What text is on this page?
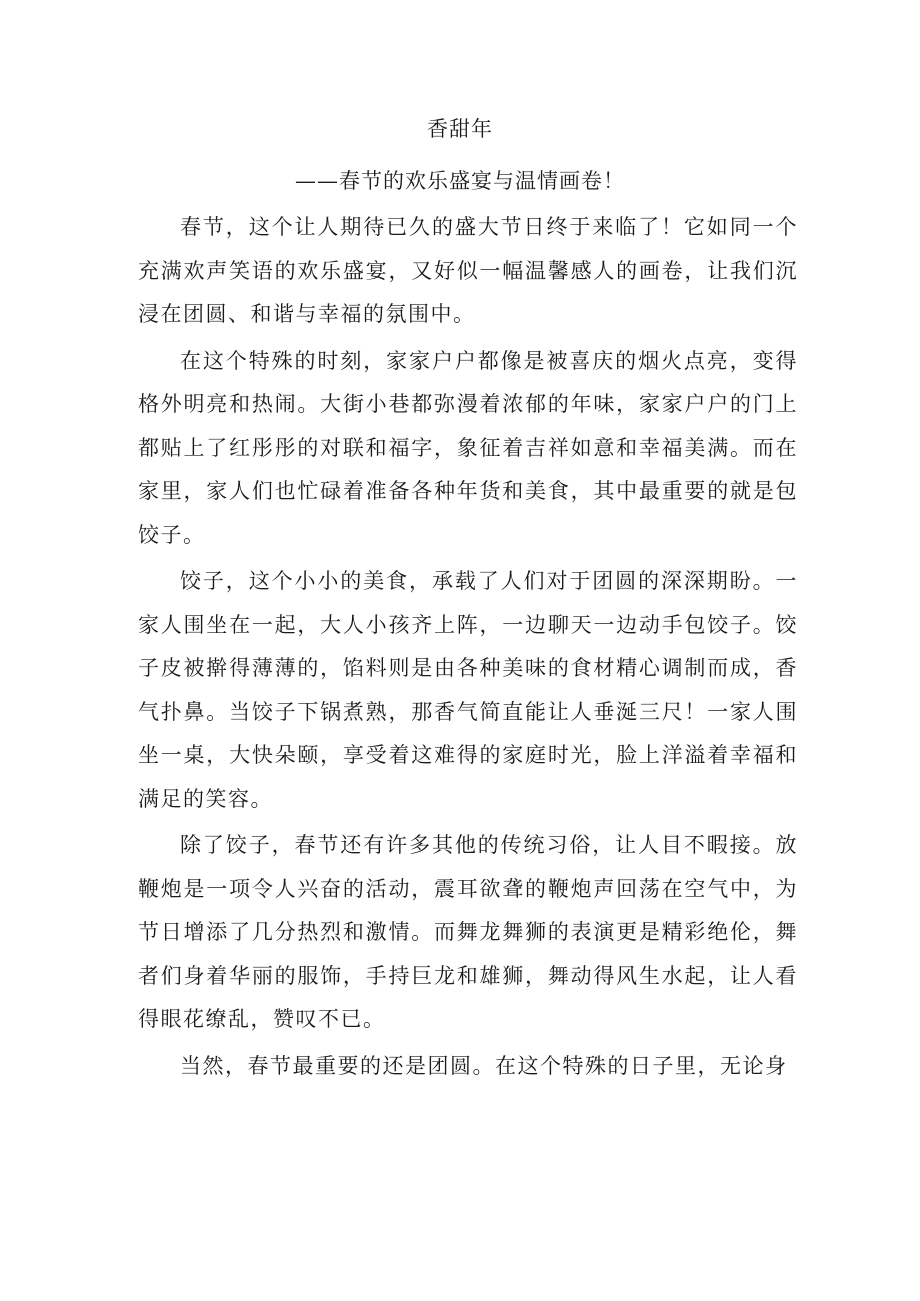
香甜年
——春节的欢乐盛宴与温情画卷！

春节，这个让人期待已久的盛大节日终于来临了！它如同一个充满欢声笑语的欢乐盛宴，又好似一幅温馨感人的画卷，让我们沉浸在团圆、和谐与幸福的氛围中。

在这个特殊的时刻，家家户户都像是被喜庆的烟火点亮，变得格外明亮和热闹。大街小巷都弥漫着浓郁的年味，家家户户的门上都贴上了红彤彤的对联和福字，象征着吉祥如意和幸福美满。而在家里，家人们也忙碌着准备各种年货和美食，其中最重要的就是包饺子。

饺子，这个小小的美食，承载了人们对于团圆的深深期盼。一家人围坐在一起，大人小孩齐上阵，一边聊天一边动手包饺子。饺子皮被擀得薄薄的，馅料则是由各种美味的食材精心调制而成，香气扑鼻。当饺子下锅煮熟，那香气简直能让人垂涎三尺！一家人围坐一桌，大快朵颐，享受着这难得的家庭时光，脸上洋溢着幸福和满足的笑容。

除了饺子，春节还有许多其他的传统习俗，让人目不暇接。放鞭炮是一项令人兴奋的活动，震耳欲聋的鞭炮声回荡在空气中，为节日增添了几分热烈和激情。而舞龙舞狮的表演更是精彩绝伦，舞者们身着华丽的服饰，手持巨龙和雄狮，舞动得风生水起，让人看得眼花缭乱，赞叹不已。

当然，春节最重要的还是团圆。在这个特殊的日子里，无论身
